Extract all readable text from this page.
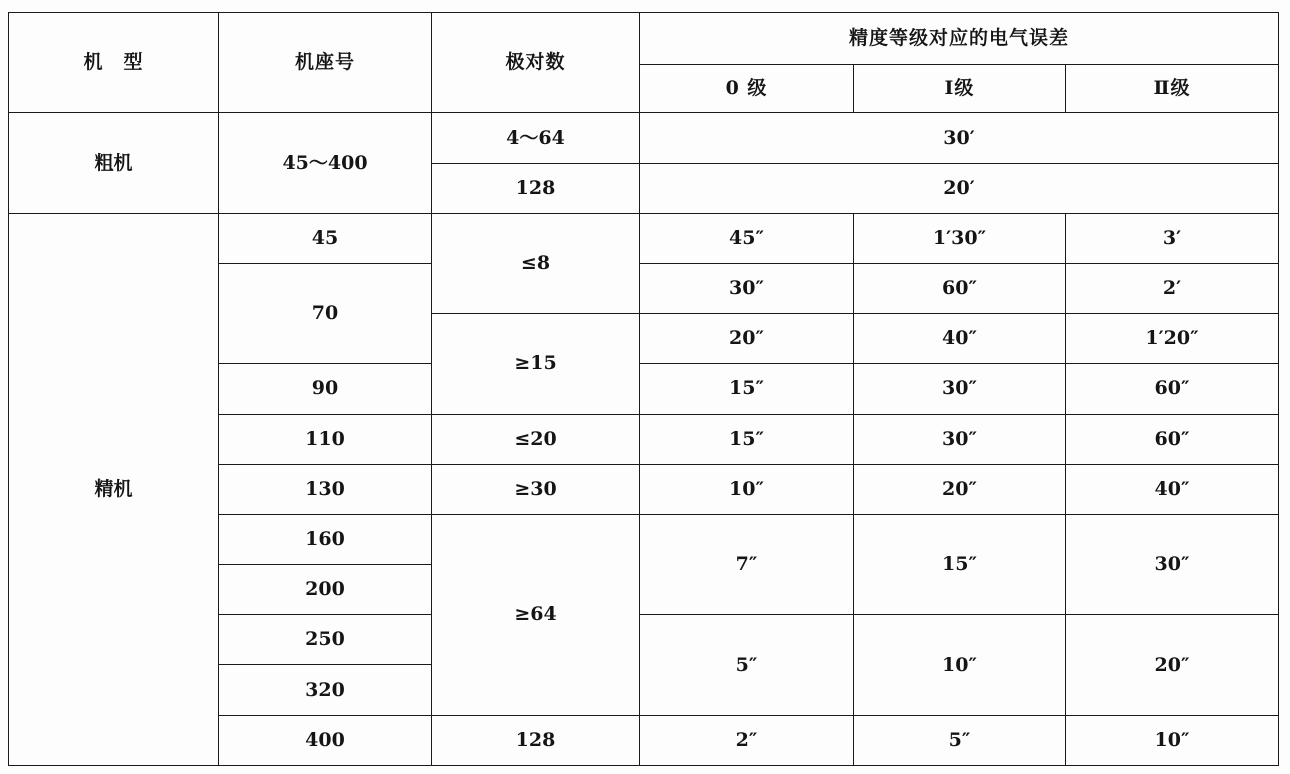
机　型	机座号	极对数	精度等级对应的电气误差		
			0 级	Ⅰ级	Ⅱ级
粗机	45～400	4～64	30′		
		128	20′		
精机	45	≤8	45″	1′30″	3′
	70		30″	60″	2′
		≥15	20″	40″	1′20″
	90		15″	30″	60″
	110	≤20	15″	30″	60″
	130	≥30	10″	20″	40″
	160	≥64	7″	15″	30″
	200				
	250		5″	10″	20″
	320				
	400	128	2″	5″	10″
